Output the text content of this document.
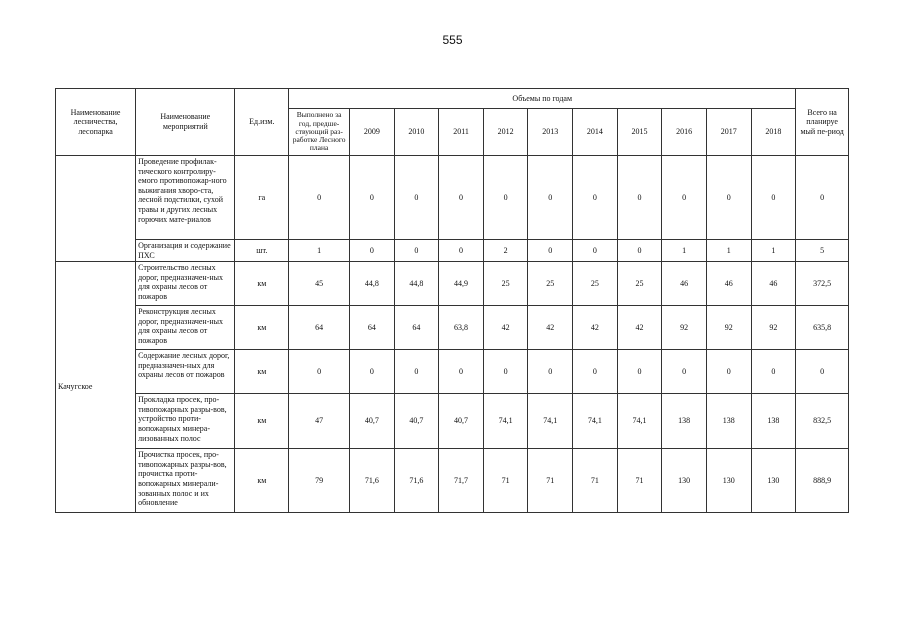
555
Наименование лесничества, лесопарка	Наименование мероприятий	Ед.изм.	Объемы по годам											Всего на планируе мый пе-риод
			Выполнено за год, предше-ствующий раз-работке Лесного плана	2009	2010	2011	2012	2013	2014	2015	2016	2017	2018	
	Проведение профилак-тического контролиру-емого противопожар-ного выжигания хворо-ста, лесной подстилки, сухой травы и других лесных горючих мате-риалов	га	0	0	0	0	0	0	0	0	0	0	0	0
	Организация и содержание ПХС	шт.	1	0	0	0	2	0	0	0	1	1	1	5
Качугское	Строительство лесных дорог, предназначен-ных для охраны лесов от пожаров	км	45	44,8	44,8	44,9	25	25	25	25	46	46	46	372,5
	Реконструкция лесных дорог, предназначен-ных для охраны лесов от пожаров	км	64	64	64	63,8	42	42	42	42	92	92	92	635,8
	Содержание лесных дорог, предназначен-ных для охраны лесов от пожаров	км	0	0	0	0	0	0	0	0	0	0	0	0
	Прокладка просек, про-тивопожарных разры-вов, устройство проти-вопожарных минера-лизованных полос	км	47	40,7	40,7	40,7	74,1	74,1	74,1	74,1	138	138	138	832,5
	Прочистка просек, про-тивопожарных разры-вов, прочистка проти-вопожарных минерали-зованных полос и их обновление	км	79	71,6	71,6	71,7	71	71	71	71	130	130	130	888,9
